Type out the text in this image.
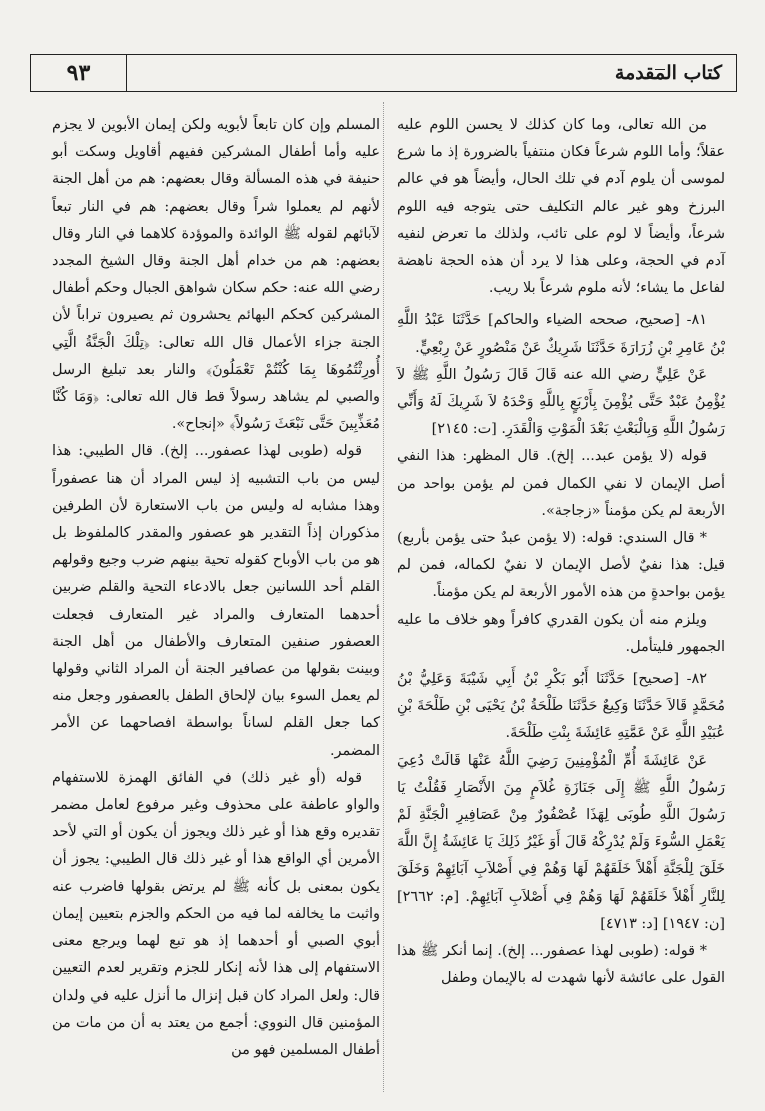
٩٣	كتاب المقدمة

من الله تعالى، وما كان كذلك لا يحسن اللوم عليه عقلاً؛ وأما اللوم شرعاً فكان منتفياً بالضرورة إذ ما شرع لموسى أن يلوم آدم في تلك الحال، وأيضاً هو في عالم البرزخ وهو غير عالم التكليف حتى يتوجه فيه اللوم شرعاً، وأيضاً لا لوم على تائب، ولذلك ما تعرض لنفيه آدم في الحجة، وعلى هذا لا يرد أن هذه الحجة ناهضة لفاعل ما يشاء؛ لأنه ملوم شرعاً بلا ريب.

٨١- [صحيح، صححه الضياء والحاكم] حَدَّثَنَا عَبْدُ اللَّهِ بْنُ عَامِرِ بْنِ زُرَارَةَ حَدَّثَنَا شَرِيكٌ عَنْ مَنْصُورٍ عَنْ رِبْعِيٍّ.

عَنْ عَلِيٍّ رضي الله عنه قَالَ قَالَ رَسُولُ اللَّهِ ﷺ لاَ يُؤْمِنُ عَبْدٌ حَتَّى يُؤْمِنَ بِأَرْبَعٍ بِاللَّهِ وَحْدَهُ لاَ شَرِيكَ لَهُ وَأَنِّي رَسُولُ اللَّهِ وَبِالْبَعْثِ بَعْدَ الْمَوْتِ وَالْقَدَرِ. [ت: ٢١٤٥]

قوله (لا يؤمن عبد... إلخ). قال المظهر: هذا النفي أصل الإيمان لا نفي الكمال فمن لم يؤمن بواحد من الأربعة لم يكن مؤمناً «زجاجة».

* قال السندي: قوله: (لا يؤمن عبدٌ حتى يؤمن بأربع) قيل: هذا نفيٌ لأصل الإيمان لا نفيٌ لكماله، فمن لم يؤمن بواحدةٍ من هذه الأمور الأربعة لم يكن مؤمناً.

ويلزم منه أن يكون القدري كافراً وهو خلاف ما عليه الجمهور فليتأمل.

٨٢- [صحيح] حَدَّثَنَا أَبُو بَكْرِ بْنُ أَبِي شَيْبَةَ وَعَلِيُّ بْنُ مُحَمَّدٍ قَالاَ حَدَّثَنَا وَكِيعٌ حَدَّثَنَا طَلْحَةُ بْنُ يَحْيَى بْنِ طَلْحَةَ بْنِ عُبَيْدِ اللَّهِ عَنْ عَمَّتِهِ عَائِشَةَ بِنْتِ طَلْحَةَ.

عَنْ عَائِشَةَ أُمِّ الْمُؤْمِنِينَ رَضِيَ اللَّهُ عَنْهَا قَالَتْ دُعِيَ رَسُولُ اللَّهِ ﷺ إِلَى جَنَازَةِ غُلاَمٍ مِنَ الأَنْصَارِ فَقُلْتُ يَا رَسُولَ اللَّهِ طُوبَى لِهَذَا عُصْفُورٌ مِنْ عَصَافِيرِ الْجَنَّةِ لَمْ يَعْمَلِ السُّوءَ وَلَمْ يُدْرِكْهُ قَالَ أَوَ غَيْرُ ذَلِكَ يَا عَائِشَةُ إِنَّ اللَّهَ خَلَقَ لِلْجَنَّةِ أَهْلاً خَلَقَهُمْ لَهَا وَهُمْ فِي أَصْلاَبِ آبَائِهِمْ وَخَلَقَ لِلنَّارِ أَهْلاً خَلَقَهُمْ لَهَا وَهُمْ فِي أَصْلاَبِ آبَائِهِمْ. [م: ٢٦٦٢] [ن: ١٩٤٧] [د: ٤٧١٣]

* قوله: (طوبى لهذا عصفور... إلخ). إنما أنكر ﷺ هذا القول على عائشة لأنها شهدت له بالإيمان وطفل

المسلم وإن كان تابعاً لأبويه ولكن إيمان الأبوين لا يجزم عليه وأما أطفال المشركين ففيهم أقاويل وسكت أبو حنيفة في هذه المسألة وقال بعضهم: هم من أهل الجنة لأنهم لم يعملوا شراً وقال بعضهم: هم في النار تبعاً لآبائهم لقوله ﷺ الوائدة والموؤدة كلاهما في النار وقال بعضهم: هم من خدام أهل الجنة وقال الشيخ المجدد رضي الله عنه: حكم سكان شواهق الجبال وحكم أطفال المشركين كحكم البهائم يحشرون ثم يصيرون تراباً لأن الجنة جزاء الأعمال قال الله تعالى: ﴿تِلْكَ الْجَنَّةُ الَّتِي أُورِثْتُمُوهَا بِمَا كُنْتُمْ تَعْمَلُونَ﴾ والنار بعد تبليغ الرسل والصبي لم يشاهد رسولاً قط قال الله تعالى: ﴿وَمَا كُنَّا مُعَذِّبِينَ حَتَّى نَبْعَثَ رَسُولاً﴾ «إنجاح».

قوله (طوبى لهذا عصفور... إلخ). قال الطيبي: هذا ليس من باب التشبيه إذ ليس المراد أن هنا عصفوراً وهذا مشابه له وليس من باب الاستعارة لأن الطرفين مذكوران إذاً التقدير هو عصفور والمقدر كالملفوظ بل هو من باب الأوباح كقوله تحية بينهم ضرب وجيع وقولهم القلم أحد اللسانين جعل بالادعاء التحية والقلم ضربين أحدهما المتعارف والمراد غير المتعارف فجعلت العصفور صنفين المتعارف والأطفال من أهل الجنة وبينت بقولها من عصافير الجنة أن المراد الثاني وقولها لم يعمل السوء بيان لإلحاق الطفل بالعصفور وجعل منه كما جعل القلم لساناً بواسطة افصاحهما عن الأمر المضمر.

قوله (أو غير ذلك) في الفائق الهمزة للاستفهام والواو عاطفة على محذوف وغير مرفوع لعامل مضمر تقديره وقع هذا أو غير ذلك ويجوز أن يكون أو التي لأحد الأمرين أي الواقع هذا أو غير ذلك قال الطيبي: يجوز أن يكون بمعنى بل كأنه ﷺ لم يرتض بقولها فاضرب عنه واثبت ما يخالفه لما فيه من الحكم والجزم بتعيين إيمان أبوي الصبي أو أحدهما إذ هو تبع لهما ويرجع معنى الاستفهام إلى هذا لأنه إنكار للجزم وتقرير لعدم التعيين قال: ولعل المراد كان قبل إنزال ما أنزل عليه في ولدان المؤمنين قال النووي: أجمع من يعتد به أن من مات من أطفال المسلمين فهو من
